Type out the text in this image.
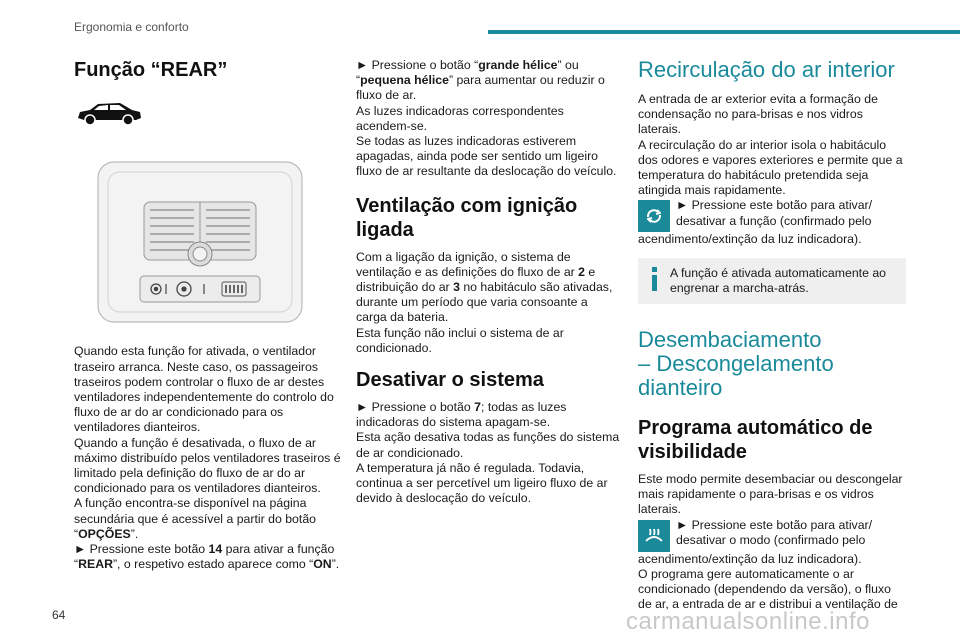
Ergonomia e conforto
Função “REAR”

Quando esta função for ativada, o ventilador traseiro arranca. Neste caso, os passageiros traseiros podem controlar o fluxo de ar destes ventiladores independentemente do controlo do fluxo de ar do ar condicionado para os ventiladores dianteiros.

Quando a função é desativada, o fluxo de ar máximo distribuído pelos ventiladores traseiros é limitado pela definição do fluxo de ar do ar condicionado para os ventiladores dianteiros.

A função encontra-se disponível na página secundária que é acessível a partir do botão “OPÇÕES”.

► Pressione este botão 14 para ativar a função “REAR”, o respetivo estado aparece como “ON”.

► Pressione o botão “grande hélice” ou “pequena hélice” para aumentar ou reduzir o fluxo de ar.

As luzes indicadoras correspondentes acendem-se.

Se todas as luzes indicadoras estiverem apagadas, ainda pode ser sentido um ligeiro fluxo de ar resultante da deslocação do veículo.

Ventilação com ignição
ligada

Com a ligação da ignição, o sistema de ventilação e as definições do fluxo de ar 2 e distribuição do ar 3 no habitáculo são ativadas, durante um período que varia consoante a carga da bateria.

Esta função não inclui o sistema de ar condicionado.

Desativar o sistema

► Pressione o botão 7; todas as luzes indicadoras do sistema apagam-se.

Esta ação desativa todas as funções do sistema de ar condicionado.

A temperatura já não é regulada. Todavia, continua a ser percetível um ligeiro fluxo de ar devido à deslocação do veículo.

Recirculação do ar interior

A entrada de ar exterior evita a formação de condensação no para-brisas e nos vidros laterais.

A recirculação do ar interior isola o habitáculo dos odores e vapores exteriores e permite que a temperatura do habitáculo pretendida seja atingida mais rapidamente.

► Pressione este botão para ativar/

desativar a função (confirmado pelo

acendimento/extinção da luz indicadora).

A função é ativada automaticamente ao engrenar a marcha-atrás.

Desembaciamento
– Descongelamento
dianteiro
Programa automático de
visibilidade

Este modo permite desembaciar ou descongelar mais rapidamente o para-brisas e os vidros laterais.

► Pressione este botão para ativar/

desativar o modo (confirmado pelo

acendimento/extinção da luz indicadora).

O programa gere automaticamente o ar condicionado (dependendo da versão), o fluxo de ar, a entrada de ar e distribui a ventilação de

64	carmanualsonline.info
